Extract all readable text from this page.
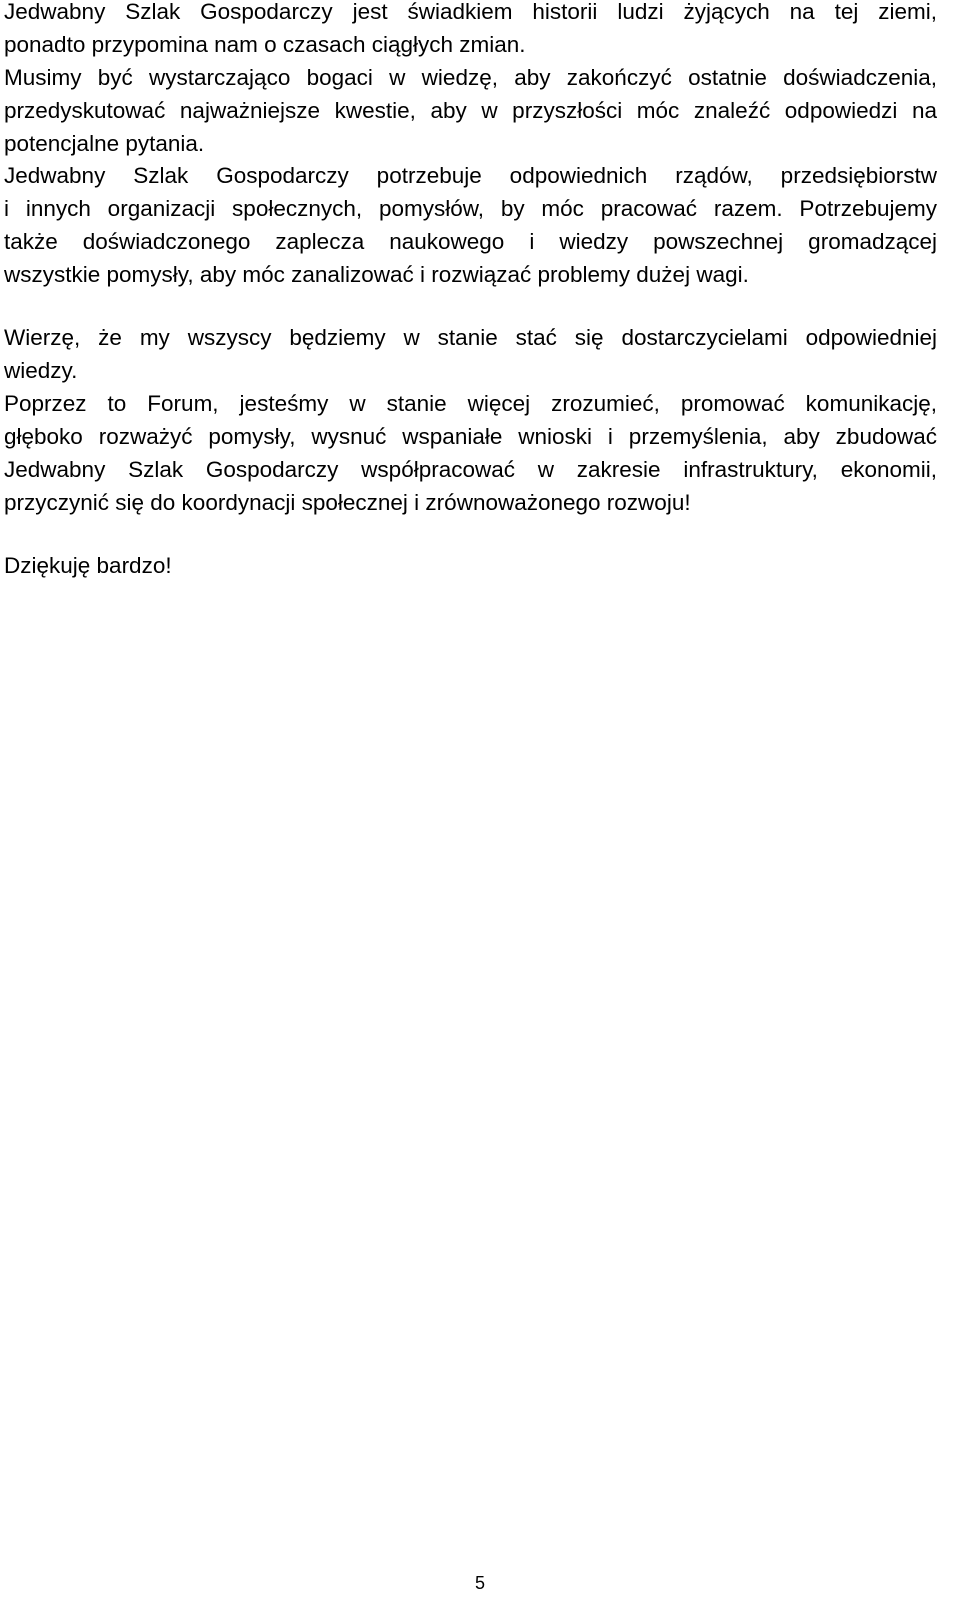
Jedwabny Szlak Gospodarczy jest świadkiem historii ludzi żyjących na tej ziemi,
ponadto przypomina nam o czasach ciągłych zmian.
Musimy być wystarczająco bogaci w wiedzę, aby zakończyć ostatnie doświadczenia,
przedyskutować najważniejsze kwestie, aby w przyszłości móc znaleźć odpowiedzi na
potencjalne pytania.
Jedwabny Szlak Gospodarczy potrzebuje odpowiednich rządów, przedsiębiorstw
i innych organizacji społecznych, pomysłów, by móc pracować razem. Potrzebujemy
także doświadczonego zaplecza naukowego i wiedzy powszechnej gromadzącej
wszystkie pomysły, aby móc zanalizować i rozwiązać problemy dużej wagi.
Wierzę, że my wszyscy będziemy w stanie stać się dostarczycielami odpowiedniej
wiedzy.
Poprzez to Forum, jesteśmy w stanie więcej zrozumieć, promować komunikację,
głęboko rozważyć pomysły, wysnuć wspaniałe wnioski i przemyślenia, aby zbudować
Jedwabny Szlak Gospodarczy współpracować w zakresie infrastruktury, ekonomii,
przyczynić się do koordynacji społecznej i zrównoważonego rozwoju!
Dziękuję bardzo!
5
